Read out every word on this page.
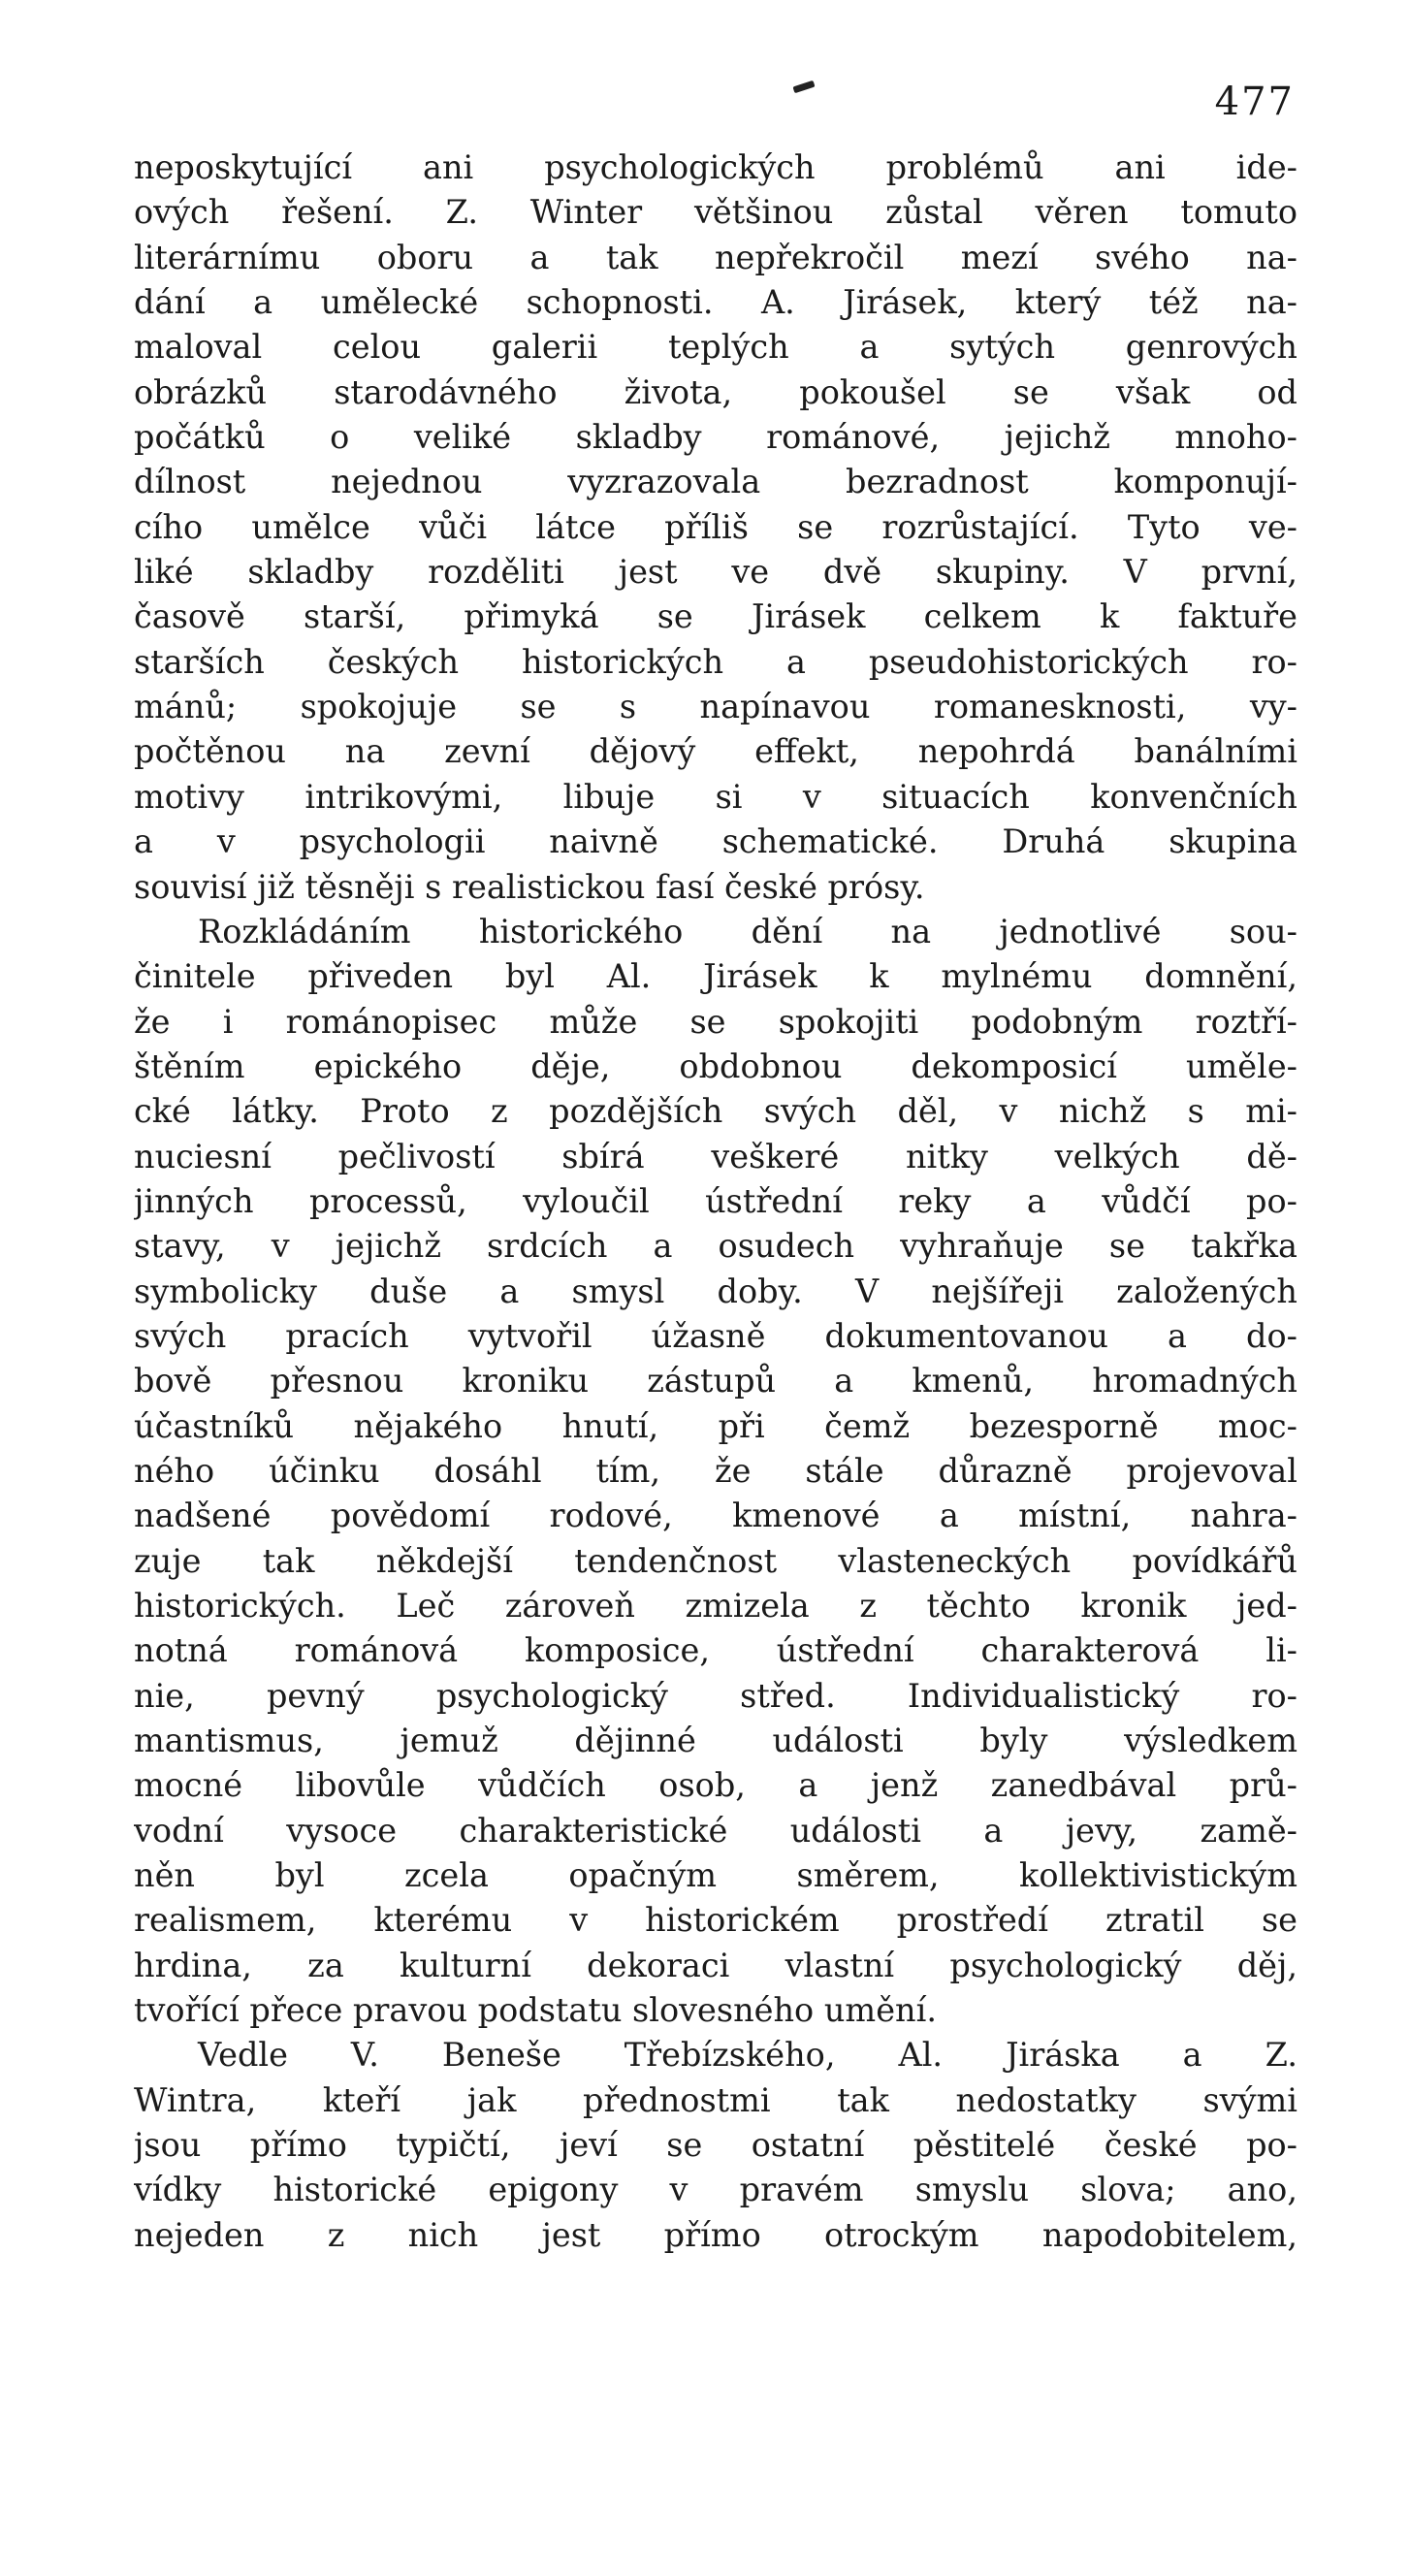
477
neposkytující ani psychologických problémů ani ide-
ových řešení. Z. Winter většinou zůstal věren tomuto
literárnímu oboru a tak nepřekročil mezí svého na-
dání a umělecké schopnosti. A. Jirásek, který též na-
maloval celou galerii teplých a sytých genrových
obrázků starodávného života, pokoušel se však od
počátků o veliké skladby románové, jejichž mnoho-
dílnost nejednou vyzrazovala bezradnost komponují-
cího umělce vůči látce příliš se rozrůstající. Tyto ve-
liké skladby rozděliti jest ve dvě skupiny. V první,
časově starší, přimyká se Jirásek celkem k faktuře
starších českých historických a pseudohistorických ro-
mánů; spokojuje se s napínavou romanesknosti, vy-
počtěnou na zevní dějový effekt, nepohrdá banálními
motivy intrikovými, libuje si v situacích konvenčních
a v psychologii naivně schematické. Druhá skupina
souvisí již těsněji s realistickou fasí české prósy.
Rozkládáním historického dění na jednotlivé sou-
činitele přiveden byl Al. Jirásek k mylnému domnění,
že i románopisec může se spokojiti podobným roztří-
štěním epického děje, obdobnou dekomposicí uměle-
cké látky. Proto z pozdějších svých děl, v nichž s mi-
nuciesní pečlivostí sbírá veškeré nitky velkých dě-
jinných processů, vyloučil ústřední reky a vůdčí po-
stavy, v jejichž srdcích a osudech vyhraňuje se takřka
symbolicky duše a smysl doby. V nejšířeji založených
svých pracích vytvořil úžasně dokumentovanou a do-
bově přesnou kroniku zástupů a kmenů, hromadných
účastníků nějakého hnutí, při čemž bezesporně moc-
ného účinku dosáhl tím, že stále důrazně projevoval
nadšené povědomí rodové, kmenové a místní, nahra-
zuje tak někdejší tendenčnost vlasteneckých povídkářů
historických. Leč zároveň zmizela z těchto kronik jed-
notná románová komposice, ústřední charakterová li-
nie, pevný psychologický střed. Individualistický ro-
mantismus, jemuž dějinné události byly výsledkem
mocné libovůle vůdčích osob, a jenž zanedbával prů-
vodní vysoce charakteristické události a jevy, zamě-
něn byl zcela opačným směrem, kollektivistickým
realismem, kterému v historickém prostředí ztratil se
hrdina, za kulturní dekoraci vlastní psychologický děj,
tvořící přece pravou podstatu slovesného umění.
Vedle V. Beneše Třebízského, Al. Jiráska a Z.
Wintra, kteří jak přednostmi tak nedostatky svými
jsou přímo typičtí, jeví se ostatní pěstitelé české po-
vídky historické epigony v pravém smyslu slova; ano,
nejeden z nich jest přímo otrockým napodobitelem,
